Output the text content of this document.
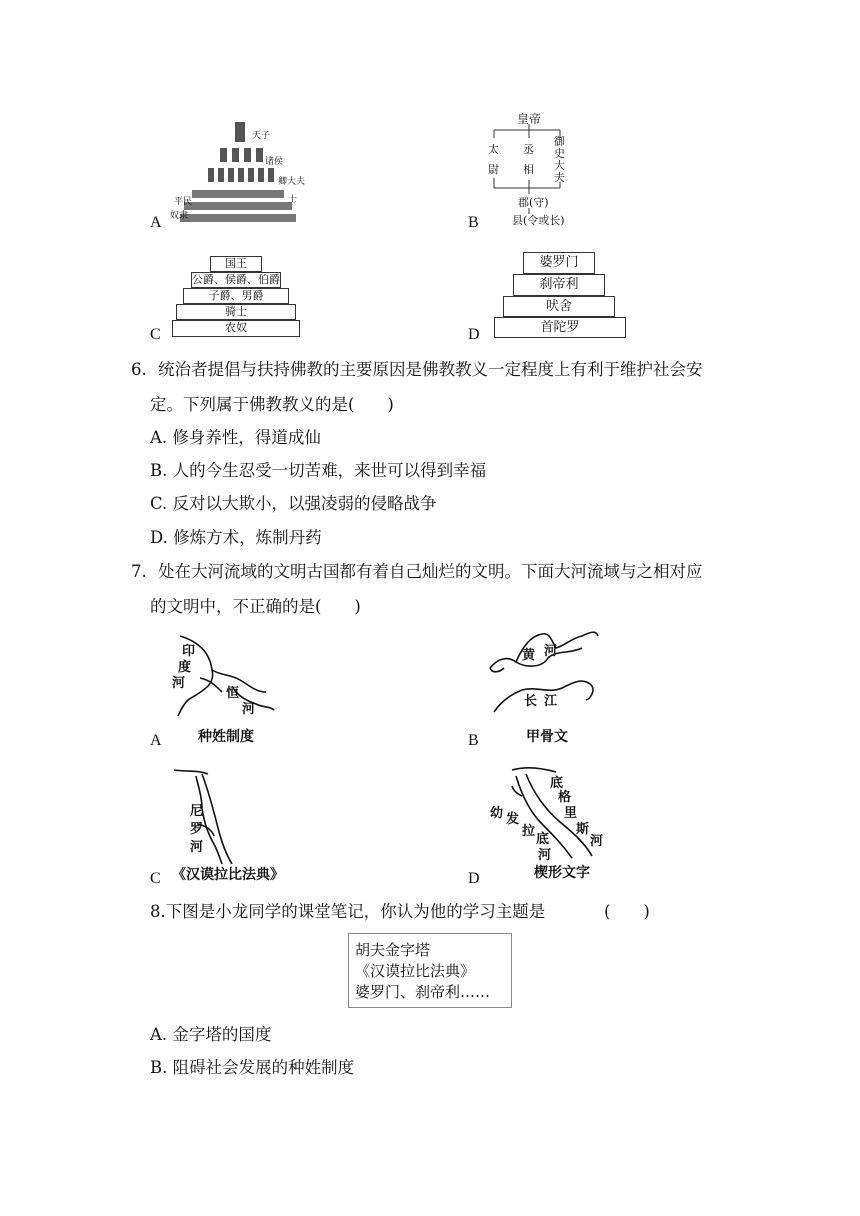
天子
诸侯
卿大夫
士
平民
奴隶
A
皇帝
太尉
丞相
御史大夫
郡(守)
县(令或长)
B
国王
公爵、侯爵、伯爵
子爵、男爵
骑士
农奴
C
婆罗门
刹帝利
吠舍
首陀罗
D
6. 统治者提倡与扶持佛教的主要原因是佛教教义一定程度上有利于维护社会安
定。下列属于佛教教义的是(　　)
A. 修身养性，得道成仙
B. 人的今生忍受一切苦难，来世可以得到幸福
C. 反对以大欺小，以强凌弱的侵略战争
D. 修炼方术，炼制丹药
7. 处在大河流域的文明古国都有着自己灿烂的文明。下面大河流域与之相对应
的文明中，不正确的是(　　)
印
度
河
恒
河
种姓制度
A
黄 河
长 江
甲骨文
B
尼
罗
河
《汉谟拉比法典》
C
幼 发
拉
底
河
底
格
里
斯
河
楔形文字
D
8.下图是小龙同学的课堂笔记，你认为他的学习主题是	(　　)
胡夫金字塔
《汉谟拉比法典》
婆罗门、刹帝利……
A. 金字塔的国度
B. 阻碍社会发展的种姓制度
